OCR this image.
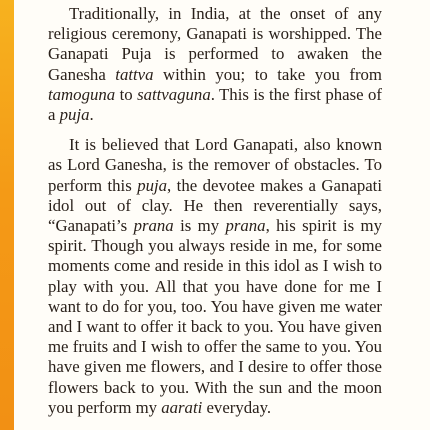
Traditionally, in India, at the onset of any religious ceremony, Ganapati is worshipped. The Ganapati Puja is performed to awaken the Ganesha tattva within you; to take you from tamoguna to sattvaguna. This is the first phase of a puja.

It is believed that Lord Ganapati, also known as Lord Ganesha, is the remover of obstacles. To perform this puja, the devotee makes a Ganapati idol out of clay. He then reverentially says, “Ganapati’s prana is my prana, his spirit is my spirit. Though you always reside in me, for some moments come and reside in this idol as I wish to play with you. All that you have done for me I want to do for you, too. You have given me water and I want to offer it back to you. You have given me fruits and I wish to offer the same to you. You have given me flowers, and I desire to offer those flowers back to you. With the sun and the moon you perform my aarati everyday.
